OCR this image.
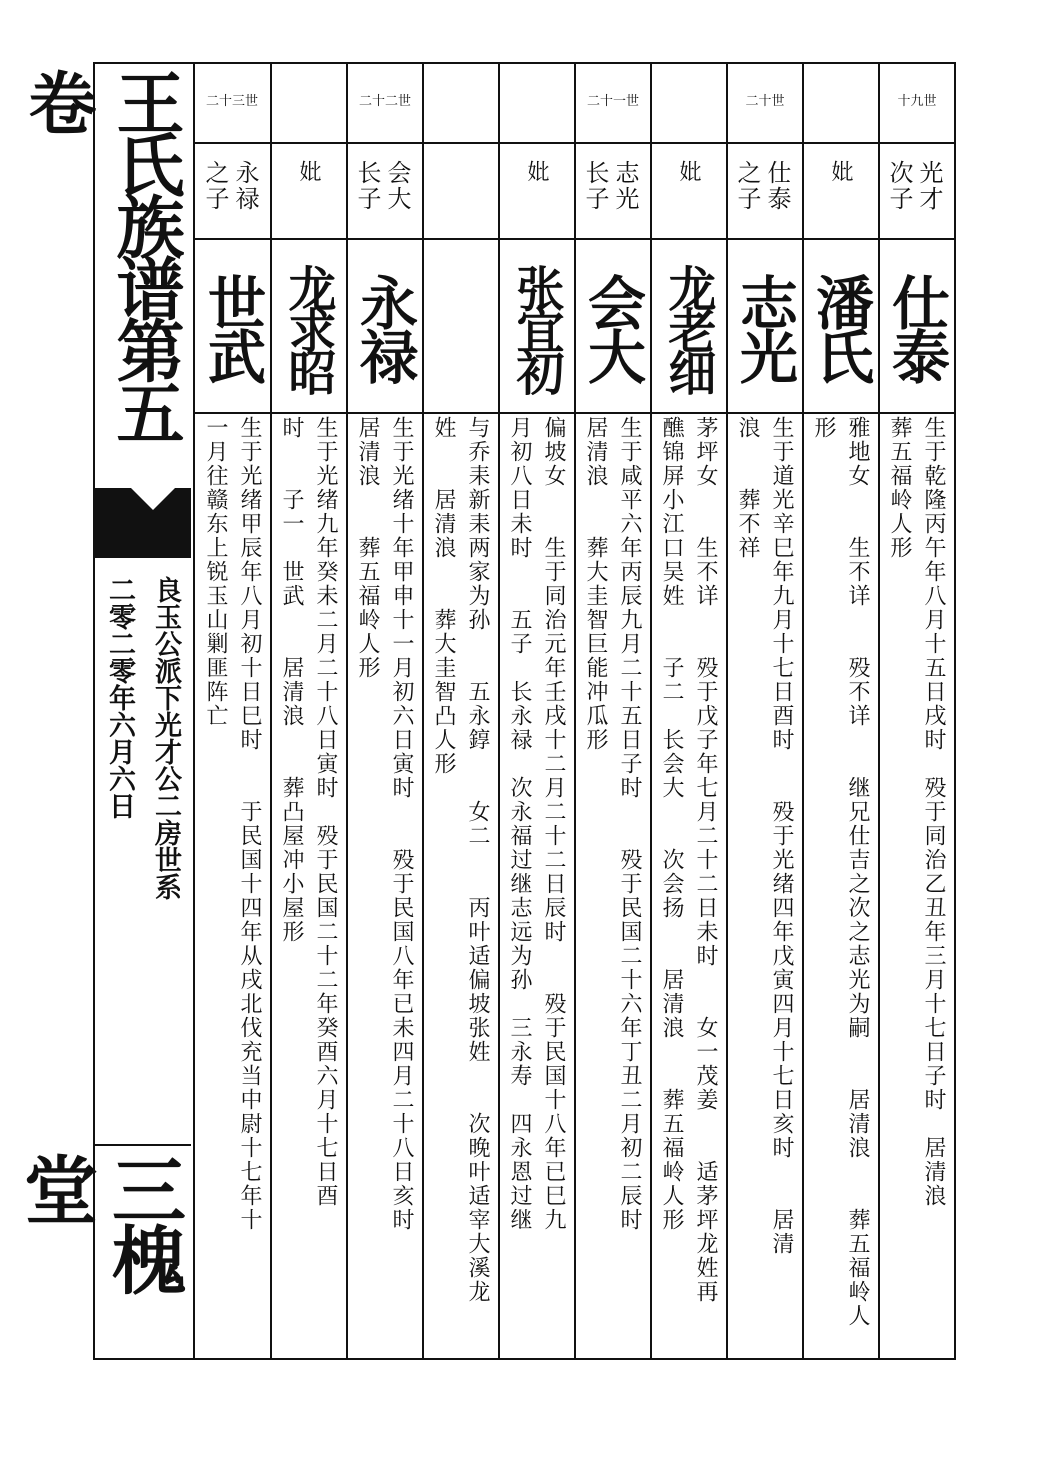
王氏族谱第五卷
良玉公派下光才公二房世系
二零二零年六月六日
三槐堂
十九世
光才
次子
仕泰
生于乾隆丙午年八月十五日戌时　殁于同治乙丑年三月十七日子时　居清浪
葬五福岭人形
妣
潘氏
雅地女　　生不详　　殁不详　　继兄仕吉之次之志光为嗣　　居清浪　　葬五福岭人
形
二十世
仕泰
之子
志光
生于道光辛巳年九月十七日酉时　　殁于光绪四年戊寅四月十七日亥时　　居清
浪　　葬不祥
妣
龙老细
茅坪女　　生不详　　殁于戊子年七月二十二日未时　　女一茂姜　　适茅坪龙姓再
醮锦屏小江口吴姓　　子二　长会大　　次会扬　　居清浪　　葬五福岭人形
二十一世
志光
长子
会大
生于咸平六年丙辰九月二十五日子时　　殁于民国二十六年丁丑二月初二辰时
居清浪　　葬大圭智巨能冲瓜形
妣
张宜初
偏坡女　　生于同治元年壬戌十二月二十二日辰时　　殁于民国十八年已巳九
月初八日未时　　五子　长永禄　次永福过继志远为孙　三永寿　四永恩过继
与乔耒新耒两家为孙　　五永錞　　女二　　丙叶适偏坡张姓　　次晚叶适宰大溪龙
姓　　居清浪　　葬大圭智凸人形
二十二世
会大
长子
永禄
生于光绪十年甲申十一月初六日寅时　　殁于民国八年已未四月二十八日亥时
居清浪　　葬五福岭人形
妣
龙求昭
生于光绪九年癸未二月二十八日寅时　殁于民国二十二年癸酉六月十七日酉
时　　子一　世武　　居清浪　　葬凸屋冲小屋形
二十三世
永禄
之子
世武
生于光绪甲辰年八月初十日巳时　　于民国十四年从戌北伐充当中尉十七年十
一月往赣东上锐玉山剿匪阵亡
